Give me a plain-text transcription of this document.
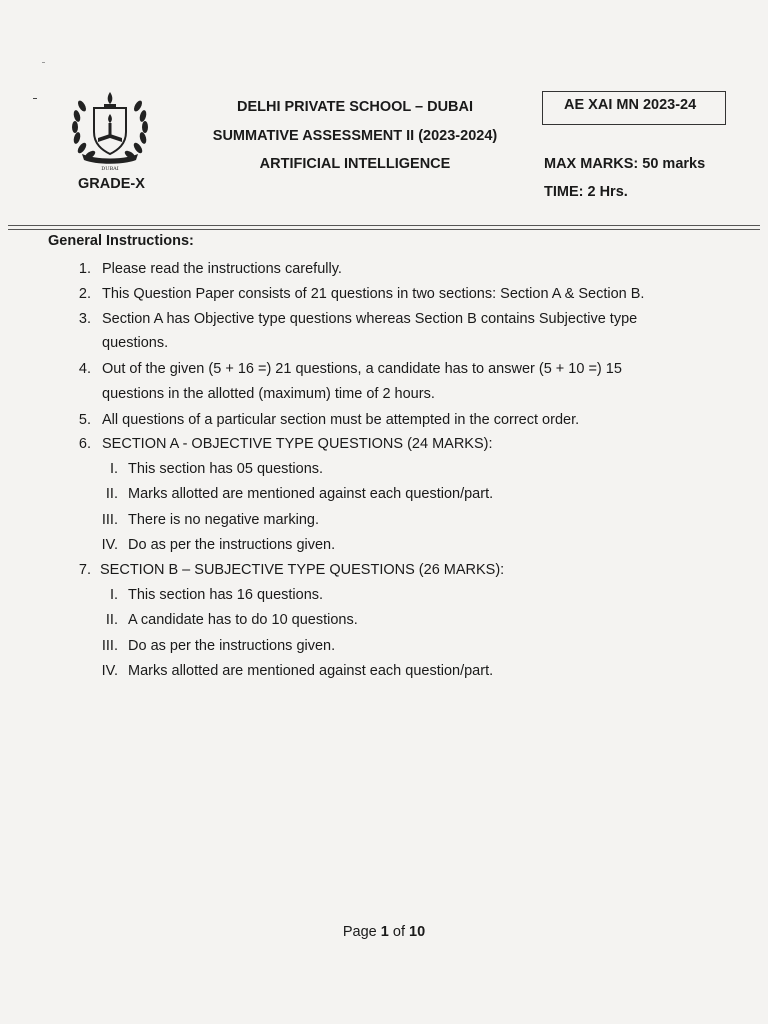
DUBAI
DELHI PRIVATE SCHOOL – DUBAI
SUMMATIVE ASSESSMENT II (2023-2024)
ARTIFICIAL INTELLIGENCE
GRADE-X
AE XAI MN 2023-24
MAX MARKS: 50 marks
TIME: 2 Hrs.
General Instructions:
1. Please read the instructions carefully.
2. This Question Paper consists of 21 questions in two sections: Section A & Section B.
3. Section A has Objective type questions whereas Section B contains Subjective type
questions.
4. Out of the given (5 + 16 =) 21 questions, a candidate has to answer (5 + 10 =) 15
questions in the allotted (maximum) time of 2 hours.
5. All questions of a particular section must be attempted in the correct order.
6. SECTION A - OBJECTIVE TYPE QUESTIONS (24 MARKS):
I. This section has 05 questions.
II. Marks allotted are mentioned against each question/part.
III. There is no negative marking.
IV. Do as per the instructions given.
7. SECTION B – SUBJECTIVE TYPE QUESTIONS (26 MARKS):
I. This section has 16 questions.
II. A candidate has to do 10 questions.
III. Do as per the instructions given.
IV. Marks allotted are mentioned against each question/part.
Page 1 of 10
